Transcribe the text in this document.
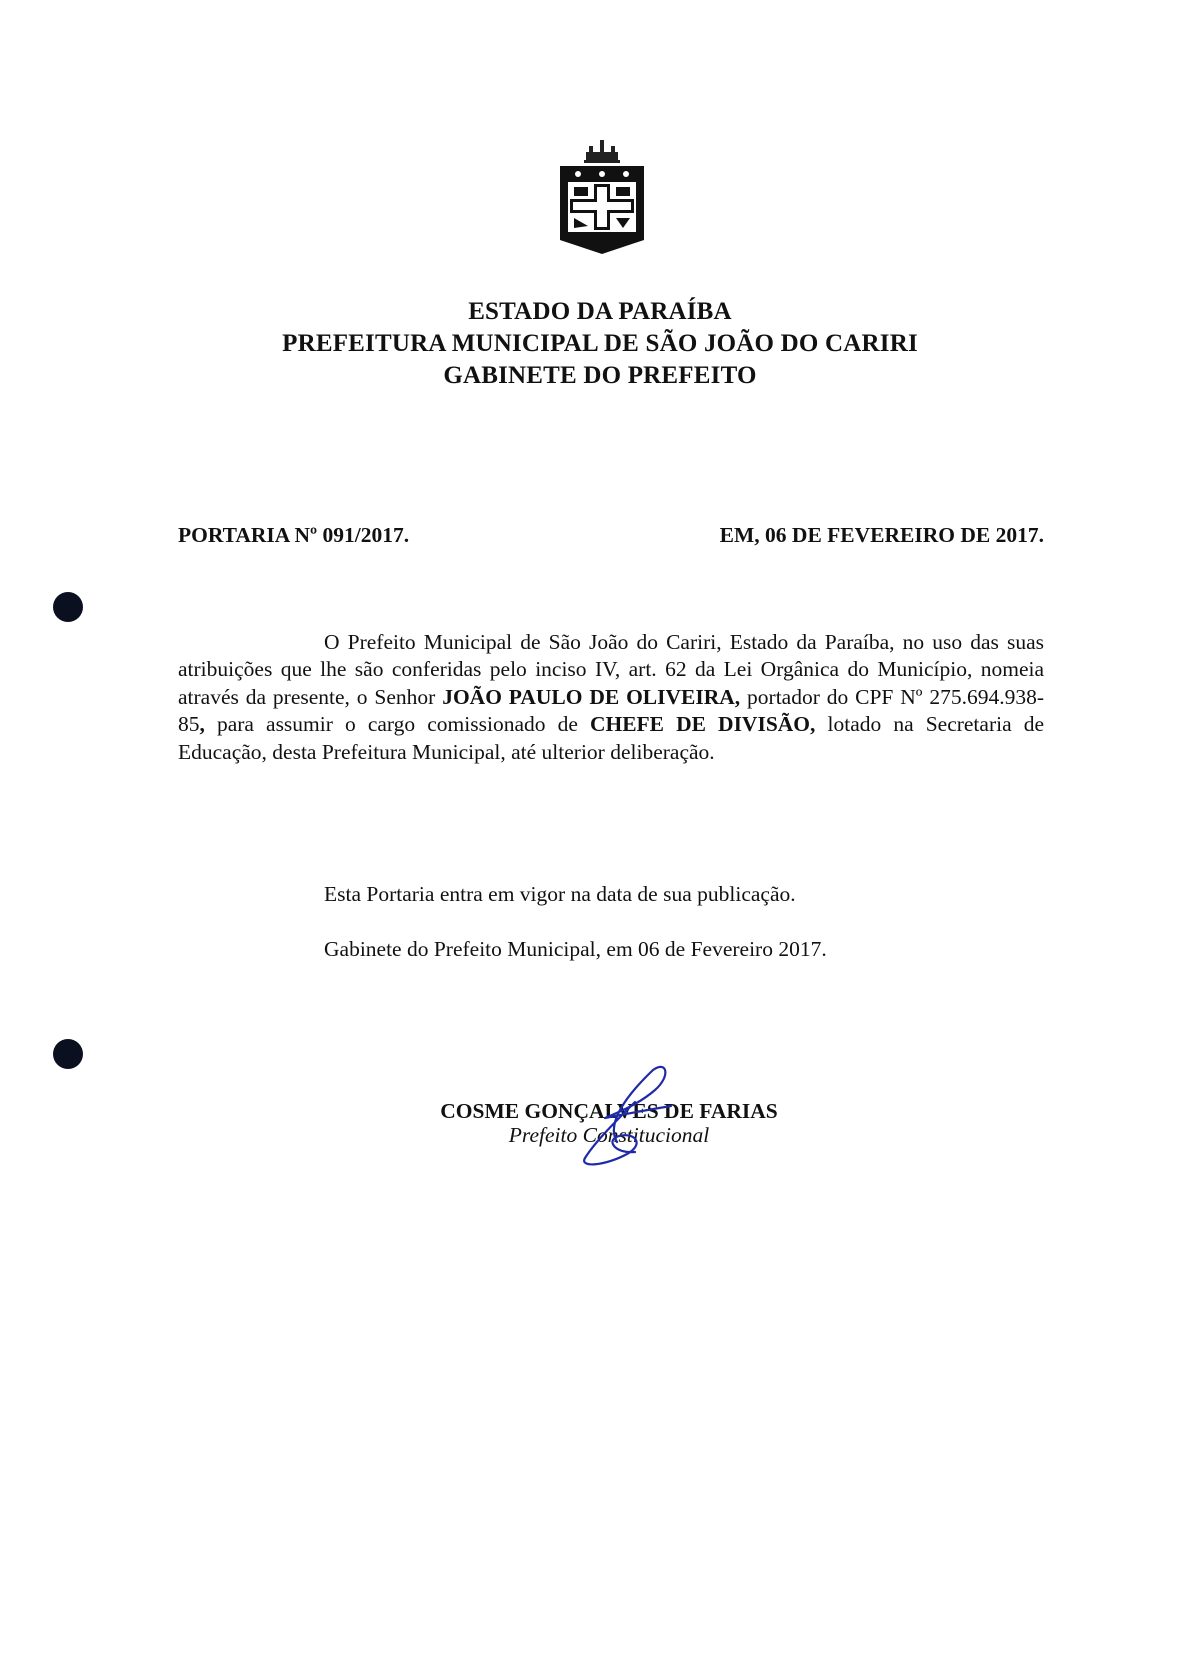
ESTADO DA PARAÍBA
PREFEITURA MUNICIPAL DE SÃO JOÃO DO CARIRI
GABINETE DO PREFEITO
PORTARIA Nº 091/2017.	EM, 06 DE FEVEREIRO DE 2017.

O Prefeito Municipal de São João do Cariri, Estado da Paraíba, no uso das suas atribuições que lhe são conferidas pelo inciso IV, art. 62 da Lei Orgânica do Município, nomeia através da presente, o Senhor JOÃO PAULO DE OLIVEIRA, portador do CPF Nº 275.694.938-85, para assumir o cargo comissionado de CHEFE DE DIVISÃO, lotado na Secretaria de Educação, desta Prefeitura Municipal, até ulterior deliberação.

Esta Portaria entra em vigor na data de sua publicação.
Gabinete do Prefeito Municipal, em 06 de Fevereiro 2017.
COSME GONÇALVES DE FARIAS
Prefeito Constitucional
